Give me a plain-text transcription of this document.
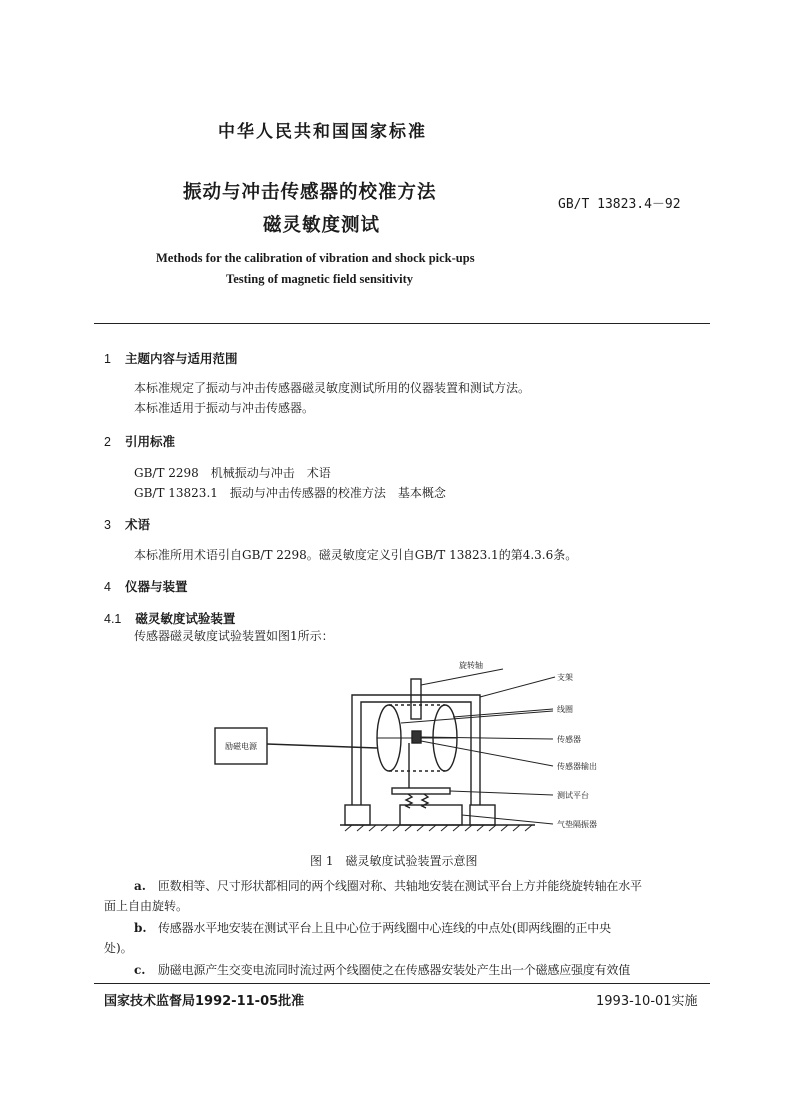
中华人民共和国国家标准
振动与冲击传感器的校准方法
磁灵敏度测试
GB/T 13823.4－92
Methods for the calibration of vibration and shock pick-ups
Testing of magnetic field sensitivity
1 主题内容与适用范围
本标准规定了振动与冲击传感器磁灵敏度测试所用的仪器装置和测试方法。
本标准适用于振动与冲击传感器。
2 引用标准
GB/T 2298　机械振动与冲击　术语
GB/T 13823.1　振动与冲击传感器的校准方法　基本概念
3 术语
本标准所用术语引自GB/T 2298。磁灵敏度定义引自GB/T 13823.1的第4.3.6条。
4 仪器与装置
4.1 磁灵敏度试验装置
传感器磁灵敏度试验装置如图1所示：
旋转轴
支架
线圈
传感器
传感器输出
测试平台
气垫隔振器
励磁电源
图 1　磁灵敏度试验装置示意图
a. 匝数相等、尺寸形状都相同的两个线圈对称、共轴地安装在测试平台上方并能绕旋转轴在水平
面上自由旋转。
b. 传感器水平地安装在测试平台上且中心位于两线圈中心连线的中点处(即两线圈的正中央
处)。
c. 励磁电源产生交变电流同时流过两个线圈使之在传感器安装处产生出一个磁感应强度有效值
国家技术监督局1992-11-05批准	1993-10-01实施
